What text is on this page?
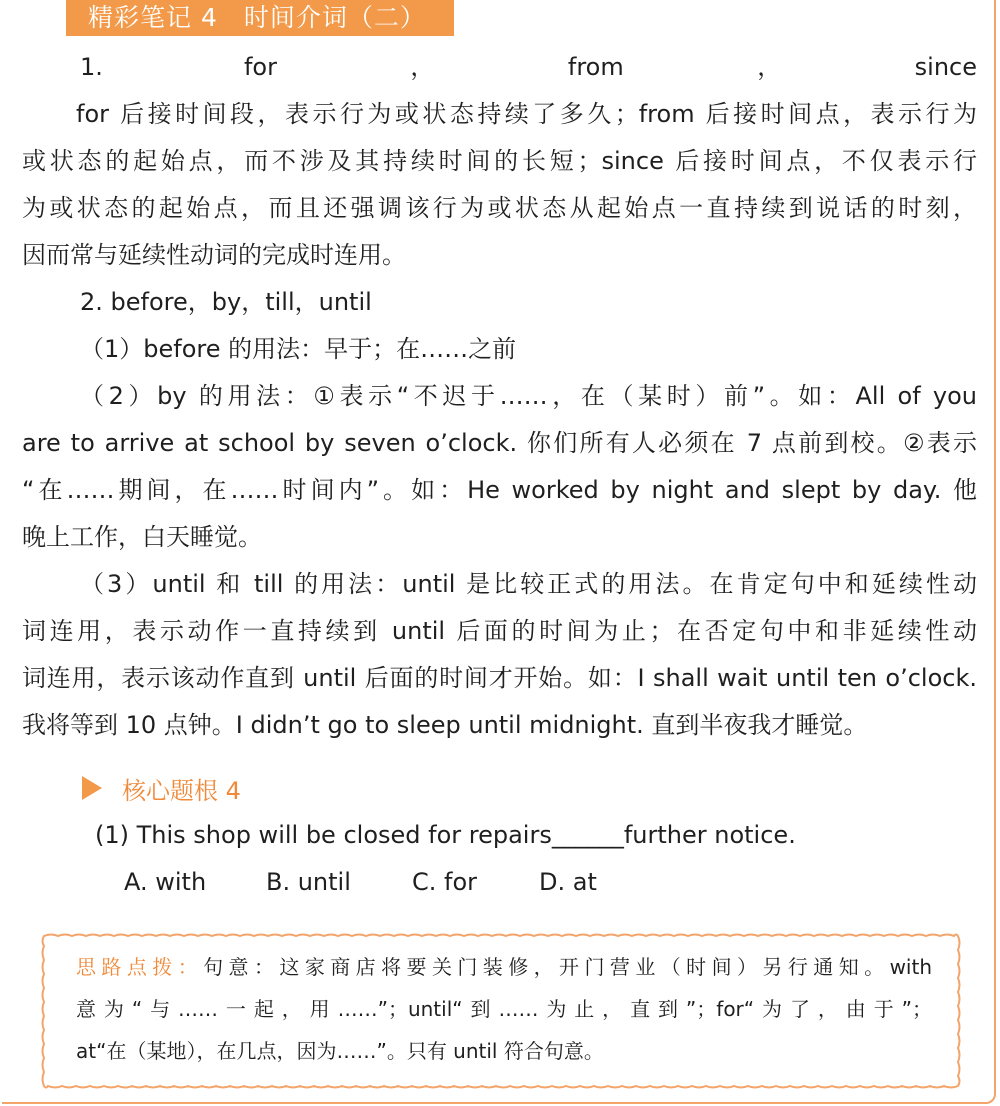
精彩笔记 4　时间介词（二）
1. for，from，since
for 后接时间段，表示行为或状态持续了多久；from 后接时间点，表示行为
或状态的起始点，而不涉及其持续时间的长短；since 后接时间点，不仅表示行
为或状态的起始点，而且还强调该行为或状态从起始点一直持续到说话的时刻，
因而常与延续性动词的完成时连用。
2. before，by，till，until
（1）before 的用法：早于；在……之前
（2）by 的用法：①表示“不迟于……，在（某时）前”。如：All of you
are to arrive at school by seven o’clock. 你们所有人必须在 7 点前到校。②表示
“在……期间，在……时间内”。如：He worked by night and slept by day. 他
晚上工作，白天睡觉。
（3）until 和 till 的用法：until 是比较正式的用法。在肯定句中和延续性动
词连用，表示动作一直持续到 until 后面的时间为止；在否定句中和非延续性动
词连用，表示该动作直到 until 后面的时间才开始。如：I shall wait until ten o’clock.
我将等到 10 点钟。I didn’t go to sleep until midnight. 直到半夜我才睡觉。
核心题根 4
(1) This shop will be closed for repairs______further notice.
A. with B. until	C. for	D. at
思路点拨：句意：这家商店将要关门装修，开门营业（时间）另行通知。with
意为“与……一起，用……”；until“到……为止，直到”；for“为了，由于”；
at“在（某地），在几点，因为……”。只有 until 符合句意。
